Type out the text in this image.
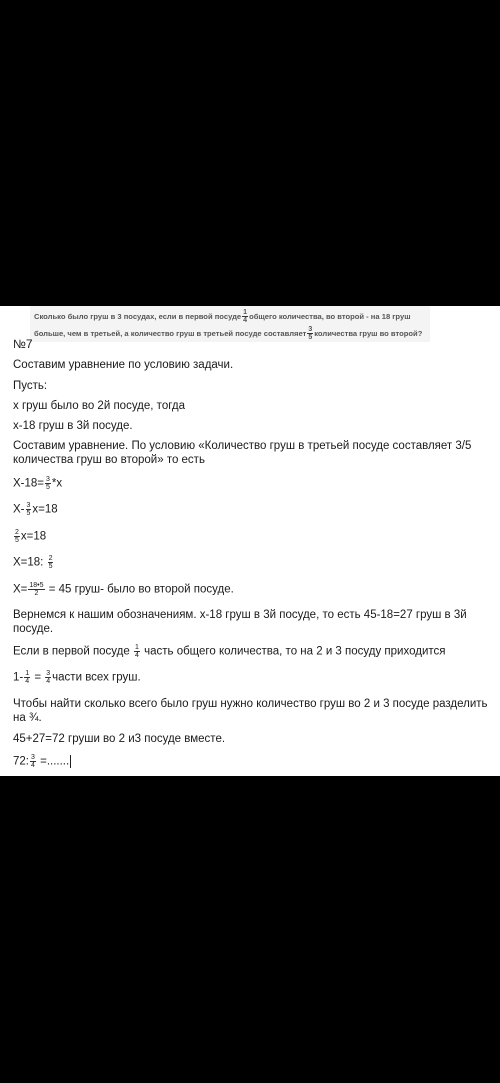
Сколько было груш в 3 посудах, если в первой посуде $\frac{1}{4}$ общего количества, во второй - на 18 груш
больше, чем в третьей, а количество груш в третьей посуде составляет $\frac{3}{5}$ количества груш во второй?
№7
Составим уравнение по условию задачи.
Пусть:
х груш было во 2й посуде, тогда
х-18 груш в 3й посуде.
Составим уравнение. По условию «Количество груш в третьей посуде составляет 3/5 количества груш во второй» то есть
$Х-18= \frac{3}{5} *х$
$Х- \frac{3}{5} х=18$
$\frac{2}{5} х=18$
Х=18: $\frac{2}{5}$
$Х= \frac{18•5}{2} = 45$ груш- было во второй посуде.
Вернемся к нашим обозначениям. х-18 груш в 3й посуде, то есть 45-18=27 груш в 3й посуде.
Если в первой посуде $\frac{1}{4}$ часть общего количества, то на 2 и 3 посуду приходится
$1- \frac{1}{4} = \frac{3}{4}$ части всех груш.
Чтобы найти сколько всего было груш нужно количество груш во 2 и 3 посуде разделить на ¾.
45+27=72 груши во 2 и3 посуде вместе.
72: $\frac{3}{4}$ =.......
